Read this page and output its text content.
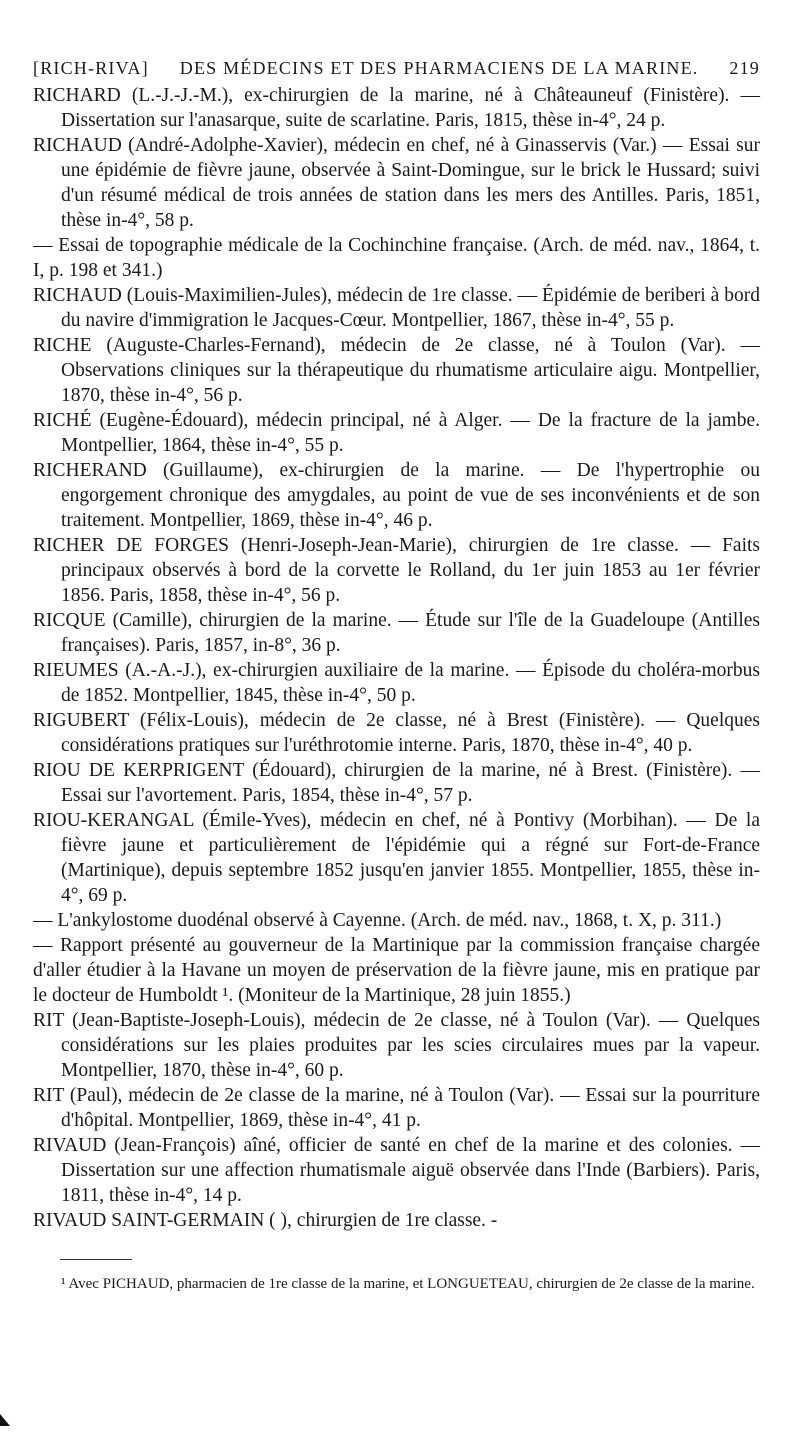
[RICH-RIVA] DES MÉDECINS ET DES PHARMACIENS DE LA MARINE. 219

RICHARD (L.-J.-J.-M.), ex-chirurgien de la marine, né à Châteauneuf (Finistère). — Dissertation sur l'anasarque, suite de scarlatine. Paris, 1815, thèse in-4°, 24 p.

RICHAUD (André-Adolphe-Xavier), médecin en chef, né à Ginasservis (Var.) — Essai sur une épidémie de fièvre jaune, observée à Saint-Domingue, sur le brick le Hussard; suivi d'un résumé médical de trois années de station dans les mers des Antilles. Paris, 1851, thèse in-4°, 58 p.

— Essai de topographie médicale de la Cochinchine française. (Arch. de méd. nav., 1864, t. I, p. 198 et 341.)

RICHAUD (Louis-Maximilien-Jules), médecin de 1re classe. — Épidémie de beriberi à bord du navire d'immigration le Jacques-Cœur. Montpellier, 1867, thèse in-4°, 55 p.

RICHE (Auguste-Charles-Fernand), médecin de 2e classe, né à Toulon (Var). — Observations cliniques sur la thérapeutique du rhumatisme articulaire aigu. Montpellier, 1870, thèse in-4°, 56 p.

RICHÉ (Eugène-Édouard), médecin principal, né à Alger. — De la fracture de la jambe. Montpellier, 1864, thèse in-4°, 55 p.

RICHERAND (Guillaume), ex-chirurgien de la marine. — De l'hypertrophie ou engorgement chronique des amygdales, au point de vue de ses inconvénients et de son traitement. Montpellier, 1869, thèse in-4°, 46 p.

RICHER DE FORGES (Henri-Joseph-Jean-Marie), chirurgien de 1re classe. — Faits principaux observés à bord de la corvette le Rolland, du 1er juin 1853 au 1er février 1856. Paris, 1858, thèse in-4°, 56 p.

RICQUE (Camille), chirurgien de la marine. — Étude sur l'île de la Guadeloupe (Antilles françaises). Paris, 1857, in-8°, 36 p.

RIEUMES (A.-A.-J.), ex-chirurgien auxiliaire de la marine. — Épisode du choléra-morbus de 1852. Montpellier, 1845, thèse in-4°, 50 p.

RIGUBERT (Félix-Louis), médecin de 2e classe, né à Brest (Finistère). — Quelques considérations pratiques sur l'uréthrotomie interne. Paris, 1870, thèse in-4°, 40 p.

RIOU DE KERPRIGENT (Édouard), chirurgien de la marine, né à Brest. (Finistère). — Essai sur l'avortement. Paris, 1854, thèse in-4°, 57 p.

RIOU-KERANGAL (Émile-Yves), médecin en chef, né à Pontivy (Morbihan). — De la fièvre jaune et particulièrement de l'épidémie qui a régné sur Fort-de-France (Martinique), depuis septembre 1852 jusqu'en janvier 1855. Montpellier, 1855, thèse in-4°, 69 p.

— L'ankylostome duodénal observé à Cayenne. (Arch. de méd. nav., 1868, t. X, p. 311.)

— Rapport présenté au gouverneur de la Martinique par la commission française chargée d'aller étudier à la Havane un moyen de préservation de la fièvre jaune, mis en pratique par le docteur de Humboldt ¹. (Moniteur de la Martinique, 28 juin 1855.)

RIT (Jean-Baptiste-Joseph-Louis), médecin de 2e classe, né à Toulon (Var). — Quelques considérations sur les plaies produites par les scies circulaires mues par la vapeur. Montpellier, 1870, thèse in-4°, 60 p.

RIT (Paul), médecin de 2e classe de la marine, né à Toulon (Var). — Essai sur la pourriture d'hôpital. Montpellier, 1869, thèse in-4°, 41 p.

RIVAUD (Jean-François) aîné, officier de santé en chef de la marine et des colonies. — Dissertation sur une affection rhumatismale aiguë observée dans l'Inde (Barbiers). Paris, 1811, thèse in-4°, 14 p.

RIVAUD SAINT-GERMAIN ( ), chirurgien de 1re classe. -

¹ Avec PICHAUD, pharmacien de 1re classe de la marine, et LONGUETEAU, chirurgien de 2e classe de la marine.
